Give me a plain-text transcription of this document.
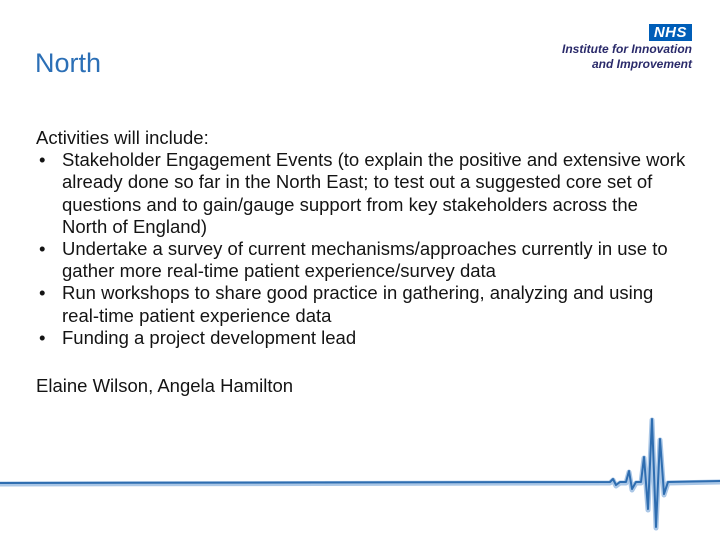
North
NHS
Institute for Innovation
and Improvement

Activities will include:

• Stakeholder Engagement Events (to explain the positive and extensive work already done so far in the North East; to test out a suggested core set of questions and to gain/gauge support from key stakeholders across the North of England)
• Undertake a survey of current mechanisms/approaches currently in use to gather more real-time patient experience/survey data
• Run workshops to share good practice in gathering, analyzing and using real-time patient experience data
• Funding a project development lead

Elaine Wilson, Angela Hamilton
